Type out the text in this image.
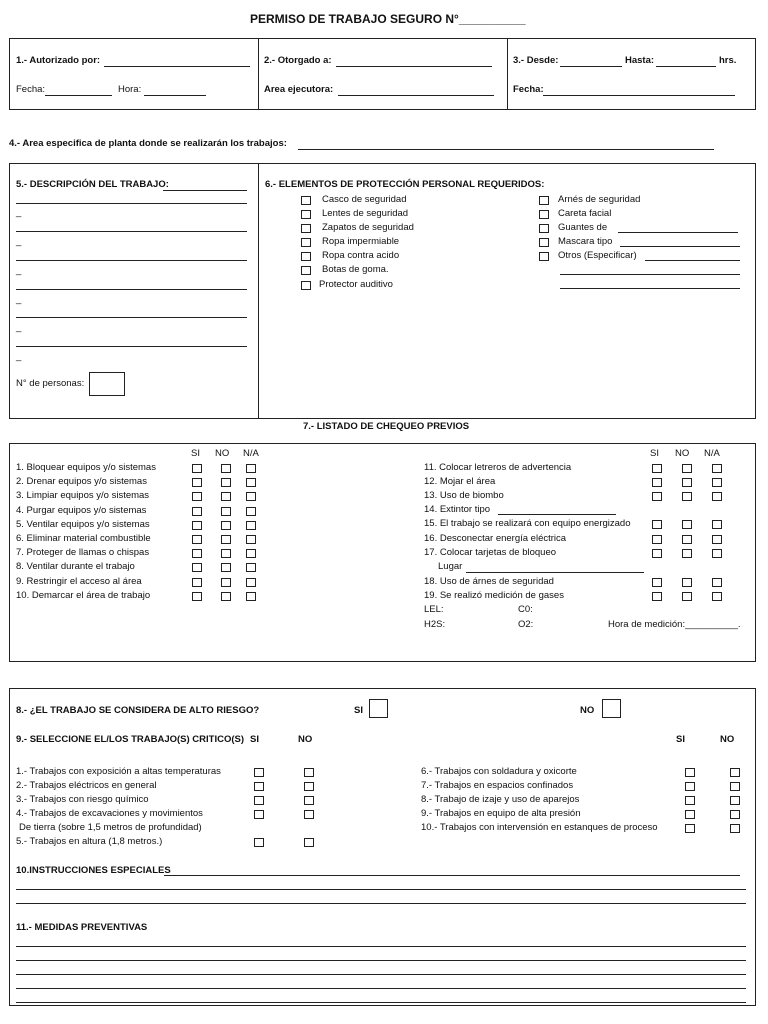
PERMISO DE TRABAJO SEGURO N°__________
1.- Autorizado por:
Fecha:	Hora:
2.- Otorgado a:
Area ejecutora:
3.- Desde:	Hasta:	hrs.
Fecha:
4.- Area especifica de planta donde se realizarán los trabajos:
5.- DESCRIPCIÓN DEL TRABAJO:
_
_
_
_
_
_
N° de personas:
6.- ELEMENTOS DE PROTECCIÓN PERSONAL REQUERIDOS:
7.- LISTADO DE CHEQUEO PREVIOS
SI NO N/A	SI NO N/A
LEL:	C0:
H2S:	O2:	Hora de medición:__________.
8.- ¿EL TRABAJO SE CONSIDERA DE ALTO RIESGO?	SI	NO
9.- SELECCIONE EL/LOS TRABAJO(S) CRITICO(S) SI	NO	SI	NO
10.INSTRUCCIONES ESPECIALES
11.- MEDIDAS PREVENTIVAS
Casco de seguridad
Lentes de seguridad
Zapatos de seguridad
Ropa impermiable
Ropa contra acido
Botas de goma.
Protector auditivo
Arnés de seguridad
Careta facial
Guantes de
Mascara tipo
Otros (Especificar)
1. Bloquear equipos y/o sistemas
2. Drenar equipos y/o sistemas
3. Limpiar equipos y/o sistemas
4. Purgar equipos y/o sistemas
5. Ventilar equipos y/o sistemas
6. Eliminar material combustible
7. Proteger de llamas o chispas
8. Ventilar durante el trabajo
9. Restringir el acceso al área
10. Demarcar el área de trabajo
11. Colocar letreros de advertencia
12. Mojar el área
13. Uso de biombo
14. Extintor tipo
15. El trabajo se realizará con equipo energizado
16. Desconectar energía eléctrica
17. Colocar tarjetas de bloqueo
Lugar
18. Uso de árnes de seguridad
19. Se realizó medición de gases
1.- Trabajos con exposición a altas temperaturas
2.- Trabajos eléctricos en general
3.- Trabajos con riesgo químico
4.- Trabajos de excavaciones y movimientos
De tierra (sobre 1,5 metros de profundidad)
5.- Trabajos en altura (1,8 metros.)
6.- Trabajos con soldadura y oxicorte
7.- Trabajos en espacios confinados
8.- Trabajo de izaje y uso de aparejos
9.- Trabajos en equipo de alta presión
10.- Trabajos con intervensión en estanques de proceso
